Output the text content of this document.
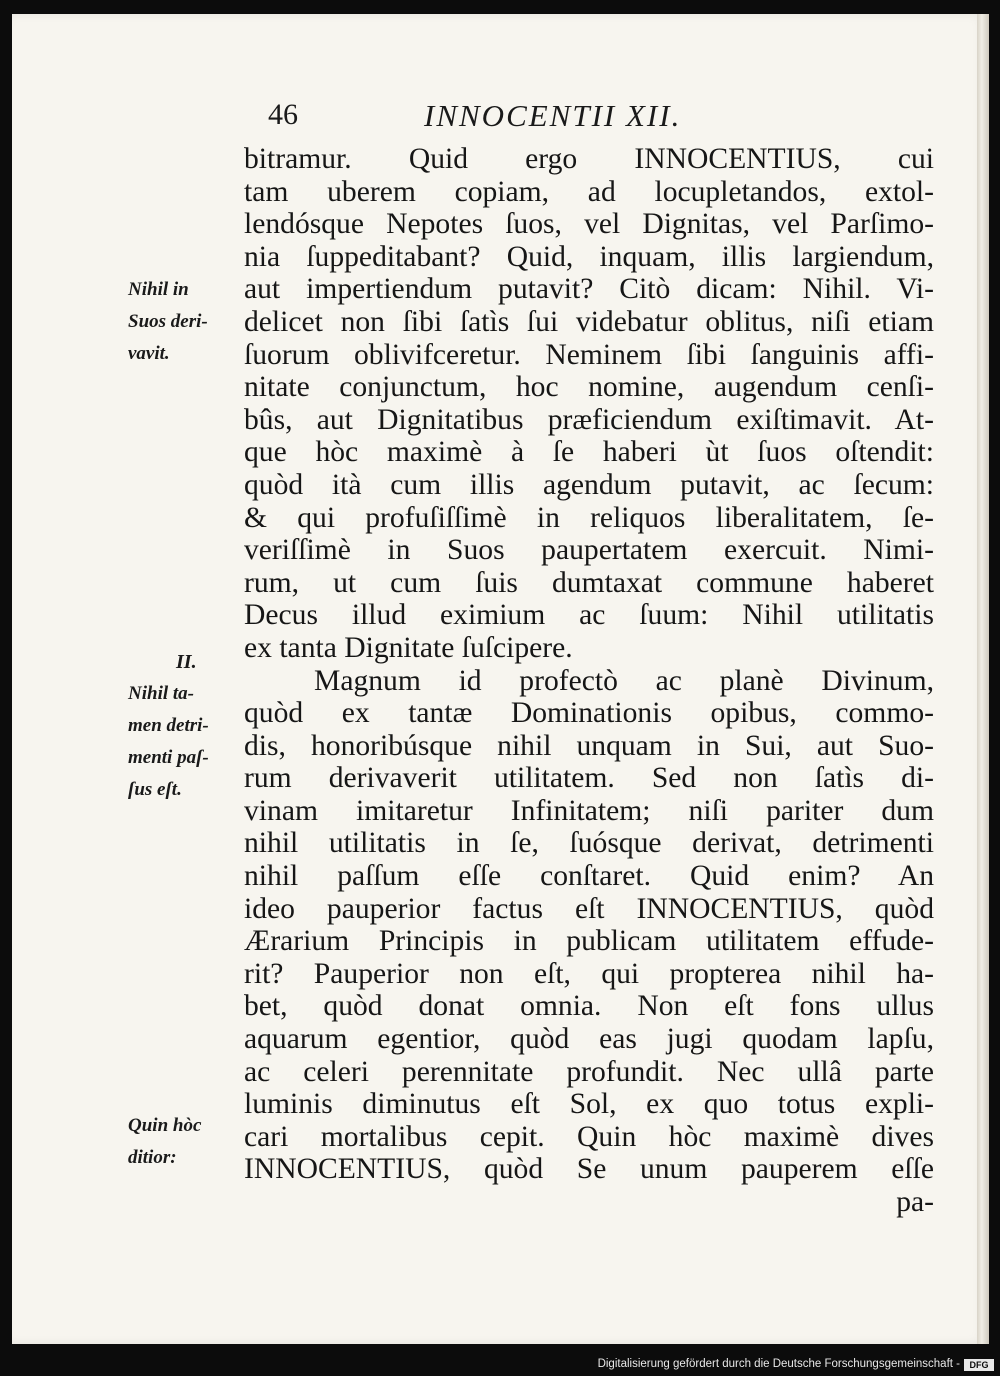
46	INNOCENTII XII.
bitramur. Quid ergo INNOCENTIUS, cui
tam uberem copiam, ad locupletandos, extol-
lendósque Nepotes ſuos, vel Dignitas, vel Parſimo-
nia ſuppeditabant? Quid, inquam, illis largiendum,
aut impertiendum putavit? Citò dicam: Nihil. Vi-
delicet non ſibi ſatìs ſui videbatur oblitus, niſi etiam
ſuorum oblivifceretur. Neminem ſibi ſanguinis affi-
nitate conjunctum, hoc nomine, augendum cenſi-
bûs, aut Dignitatibus præficiendum exiſtimavit. At-
que hòc maximè à ſe haberi ùt ſuos oſtendit:
quòd ità cum illis agendum putavit, ac ſecum:
& qui profuſiſſimè in reliquos liberalitatem, ſe-
veriſſimè in Suos paupertatem exercuit. Nimi-
rum, ut cum ſuis dumtaxat commune haberet
Decus illud eximium ac ſuum: Nihil utilitatis
ex tanta Dignitate ſuſcipere.
Magnum id profectò ac planè Divinum,
quòd ex tantæ Dominationis opibus, commo-
dis, honoribúsque nihil unquam in Sui, aut Suo-
rum derivaverit utilitatem. Sed non ſatìs di-
vinam imitaretur Infinitatem; niſi pariter dum
nihil utilitatis in ſe, ſuósque derivat, detrimenti
nihil paſſum eſſe conſtaret. Quid enim? An
ideo pauperior factus eſt INNOCENTIUS, quòd
Ærarium Principis in publicam utilitatem effude-
rit? Pauperior non eſt, qui propterea nihil ha-
bet, quòd donat omnia. Non eſt fons ullus
aquarum egentior, quòd eas jugi quodam lapſu,
ac celeri perennitate profundit. Nec ullâ parte
luminis diminutus eſt Sol, ex quo totus expli-
cari mortalibus cepit. Quin hòc maximè dives
INNOCENTIUS, quòd Se unum pauperem eſſe
pa-
Nihil in
Suos deri-
vavit.
II.
Nihil ta-
men detri-
menti paſ-
ſus eſt.
Quin hòc
ditior:
Digitalisierung gefördert durch die Deutsche Forschungsgemeinschaft -	DFG
